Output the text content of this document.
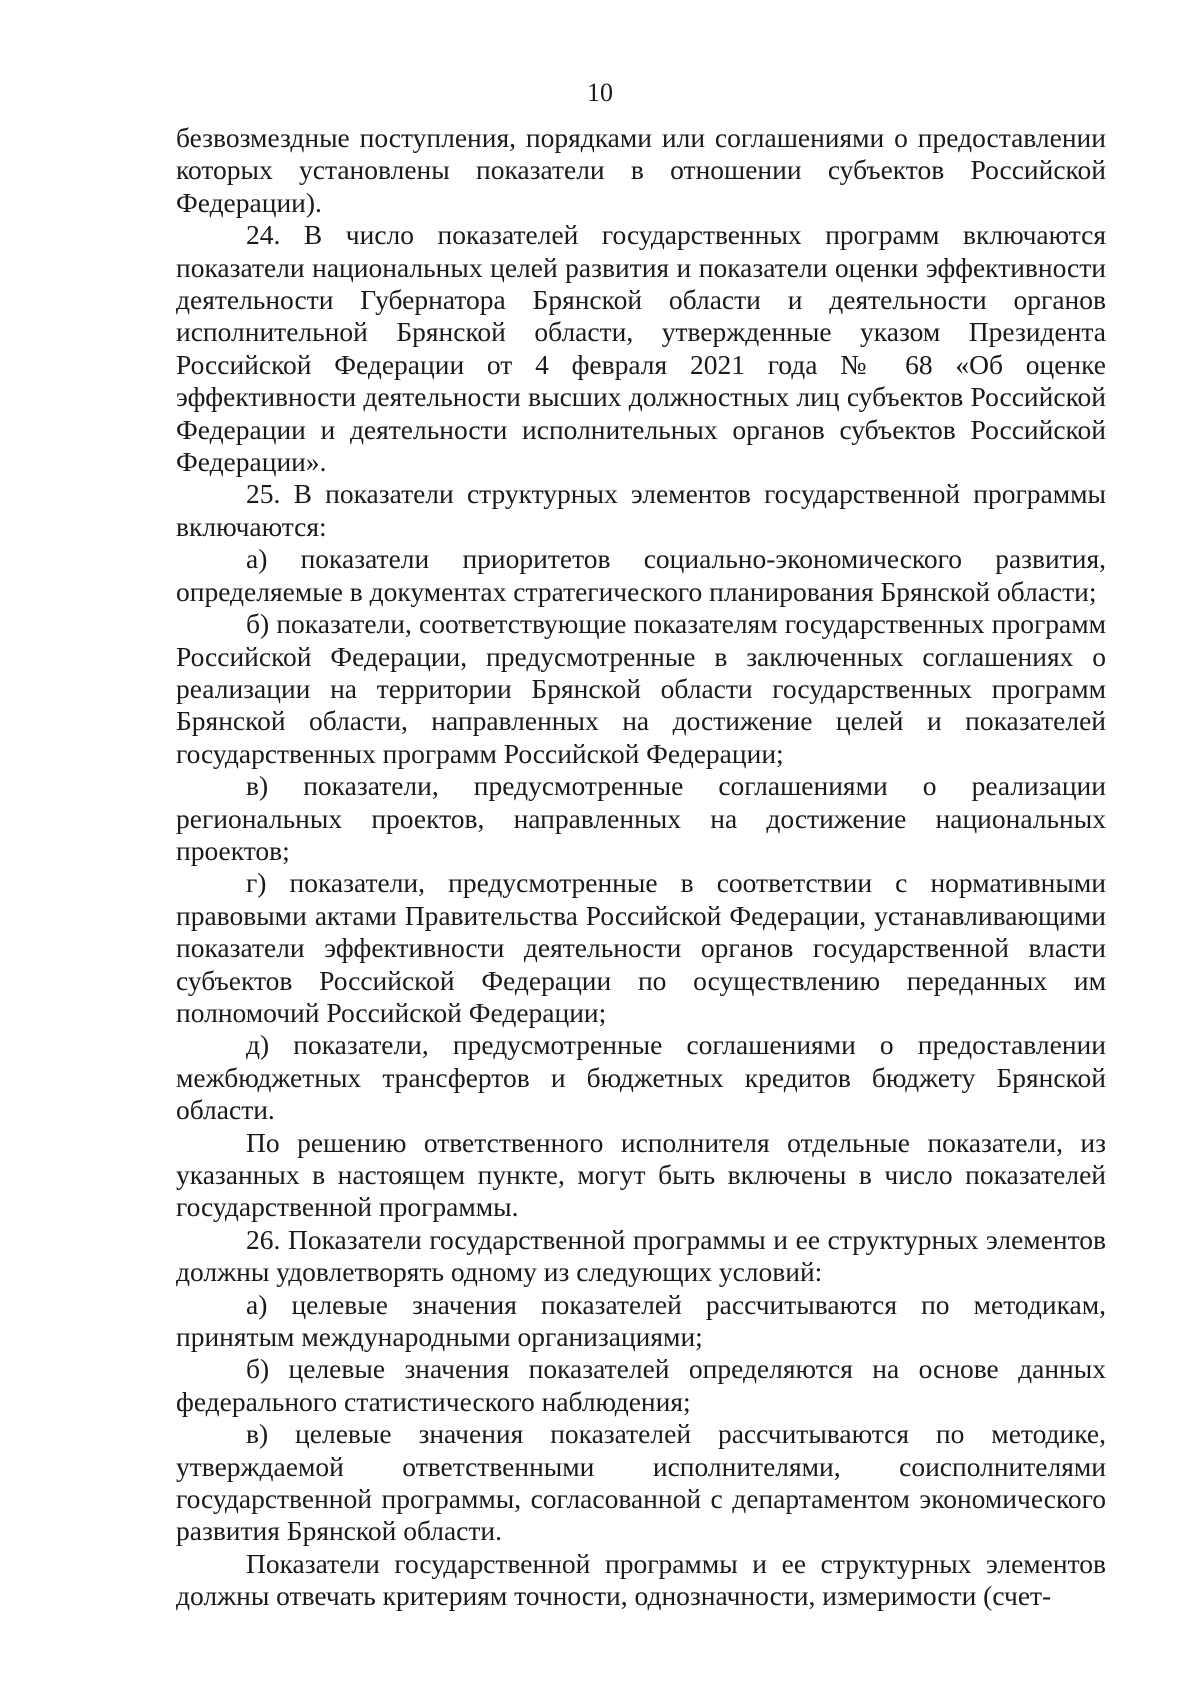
10

безвозмездные поступления, порядками или соглашениями о предоставлении которых установлены показатели в отношении субъектов Российской Федерации).

24. В число показателей государственных программ включаются показатели национальных целей развития и показатели оценки эффективности деятельности Губернатора Брянской области и деятельности органов исполнительной Брянской области, утвержденные указом Президента Российской Федерации от 4 февраля 2021 года № 68 «Об оценке эффективности деятельности высших должностных лиц субъектов Российской Федерации и деятельности исполнительных органов субъектов Российской Федерации».

25. В показатели структурных элементов государственной программы включаются:

а) показатели приоритетов социально-экономического развития, определяемые в документах стратегического планирования Брянской области;

б) показатели, соответствующие показателям государственных программ Российской Федерации, предусмотренные в заключенных соглашениях о реализации на территории Брянской области государственных программ Брянской области, направленных на достижение целей и показателей государственных программ Российской Федерации;

в) показатели, предусмотренные соглашениями о реализации региональных проектов, направленных на достижение национальных проектов;

г) показатели, предусмотренные в соответствии с нормативными правовыми актами Правительства Российской Федерации, устанавливающими показатели эффективности деятельности органов государственной власти субъектов Российской Федерации по осуществлению переданных им полномочий Российской Федерации;

д) показатели, предусмотренные соглашениями о предоставлении межбюджетных трансфертов и бюджетных кредитов бюджету Брянской области.

По решению ответственного исполнителя отдельные показатели, из указанных в настоящем пункте, могут быть включены в число показателей государственной программы.

26. Показатели государственной программы и ее структурных элементов должны удовлетворять одному из следующих условий:

а) целевые значения показателей рассчитываются по методикам, принятым международными организациями;

б) целевые значения показателей определяются на основе данных федерального статистического наблюдения;

в) целевые значения показателей рассчитываются по методике, утверждаемой ответственными исполнителями, соисполнителями государственной программы, согласованной с департаментом экономического развития Брянской области.

Показатели государственной программы и ее структурных элементов должны отвечать критериям точности, однозначности, измеримости (счет-
